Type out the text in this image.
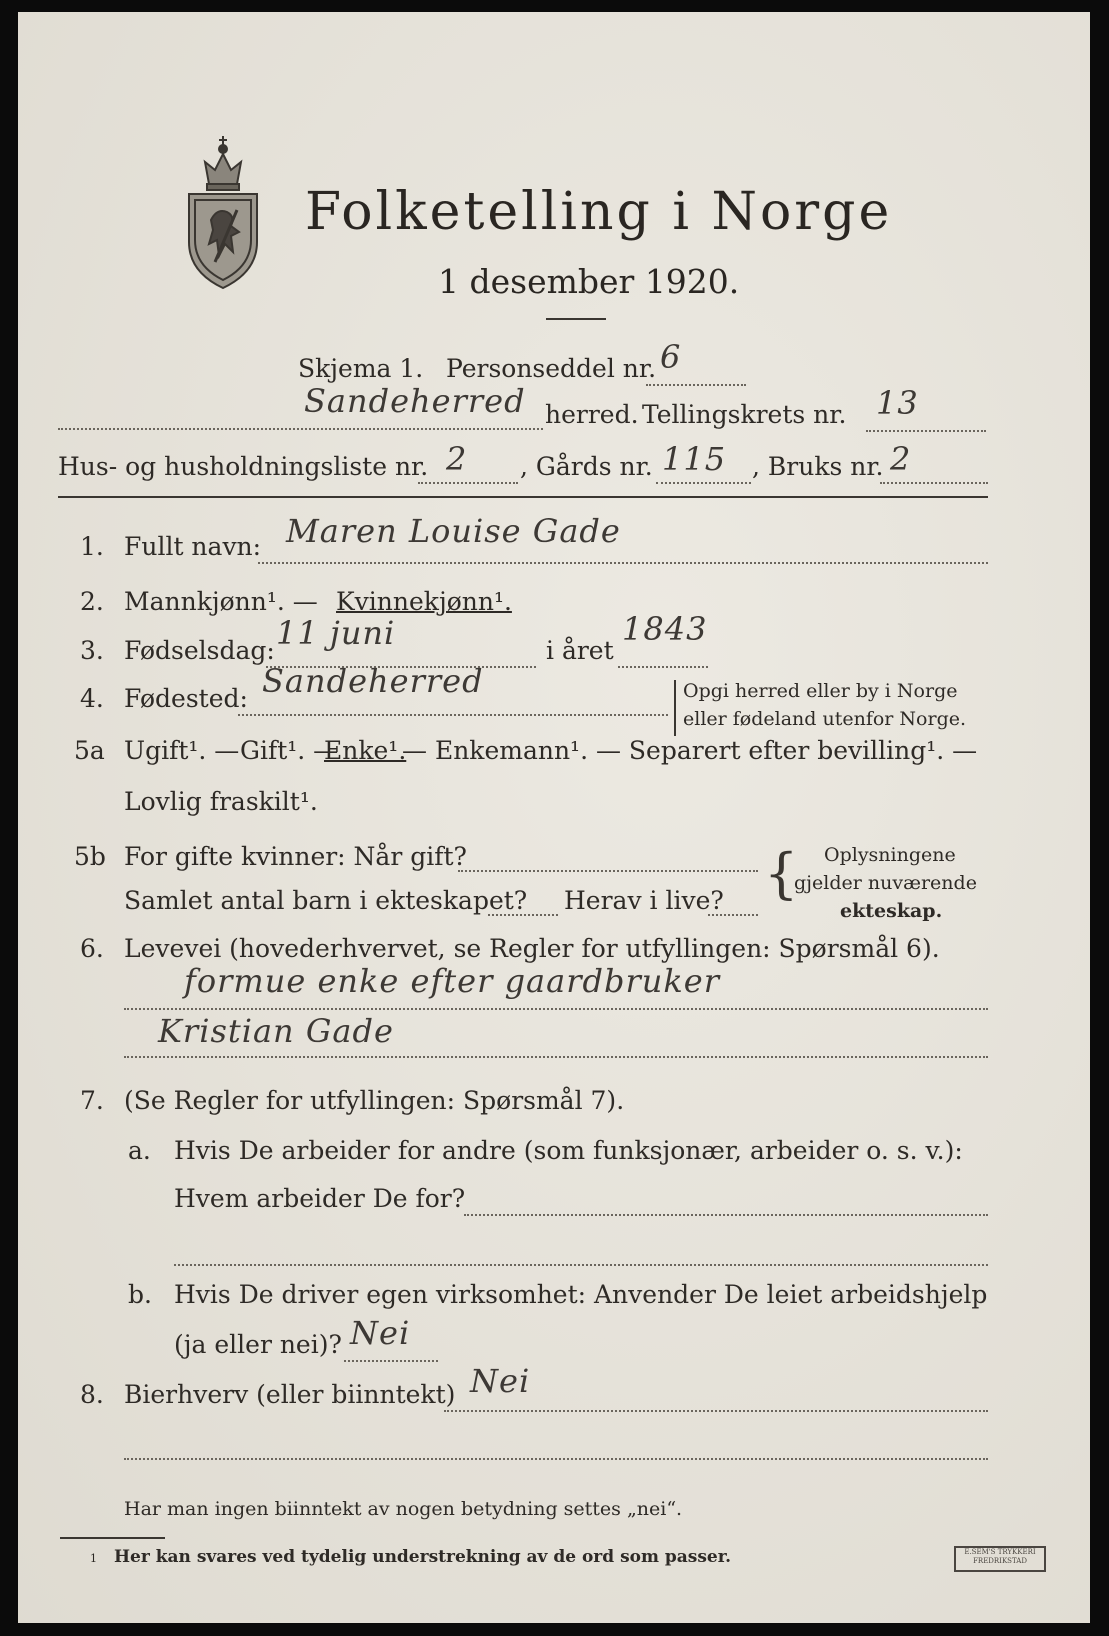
Folketelling i Norge
1 desember 1920.
Skjema 1. Personseddel nr. 6
Sandeherred herred. Tellingskrets nr. 13
Hus- og husholdningsliste nr. 2 , Gårds nr. 115 , Bruks nr. 2
1. Fullt navn: Maren Louise Gade
2. Mannkjønn¹. — Kvinnekjønn¹.
3. Fødselsdag: 11 juni	i året
1843
4. Fødested: Sandeherred	Opgi herred eller by i Norge
eller fødeland utenfor Norge.
5a Ugift¹. — Gift¹. —
Enke¹.
— Enkemann¹. — Separert efter bevilling¹. —
Lovlig fraskilt¹.
5b For gifte kvinner: Når gift?
Samlet antal barn i ekteskapet? Herav i live? { Oplysningene
gjelder nuværende
ekteskap.
6. Levevei (hovederhvervet, se Regler for utfyllingen: Spørsmål 6).
formue enke efter gaardbruker
Kristian Gade
7. (Se Regler for utfyllingen: Spørsmål 7).
a. Hvis De arbeider for andre (som funksjonær, arbeider o. s. v.):
Hvem arbeider De for?
b. Hvis De driver egen virksomhet: Anvender De leiet arbeidshjelp
(ja eller nei)? Nei
8. Bierhverv (eller biinntekt) Nei
Har man ingen biinntekt av nogen betydning settes „nei“.
1 Her kan svares ved tydelig understrekning av de ord som passer.	E.SEM'S TRYKKERI FREDRIKSTAD
